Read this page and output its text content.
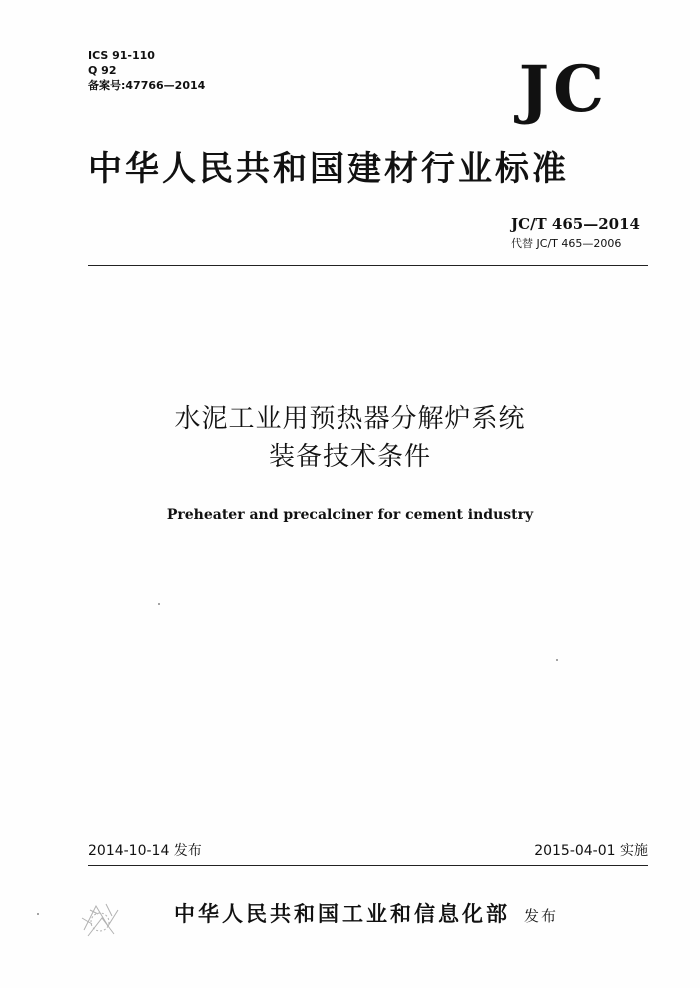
ICS 91-110
Q 92
备案号:47766—2014	JC
中华人民共和国建材行业标准
JC/T 465—2014
代替 JC/T 465—2006
水泥工业用预热器分解炉系统
装备技术条件
Preheater and precalciner for cement industry
2014-10-14 发布	2015-04-01 实施
中华人民共和国工业和信息化部 发布
